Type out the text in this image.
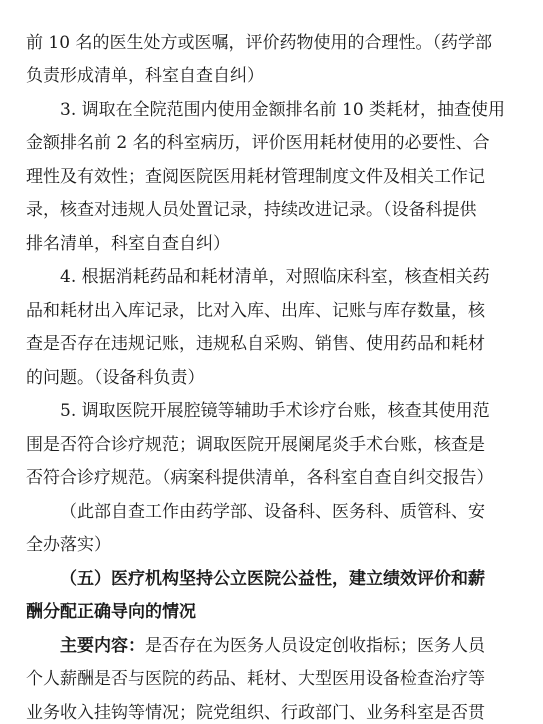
前 10 名的医生处方或医嘱，评价药物使用的合理性。（药学部
负责形成清单，科室自查自纠）
3. 调取在全院范围内使用金额排名前 10 类耗材，抽查使用
金额排名前 2 名的科室病历，评价医用耗材使用的必要性、合
理性及有效性；查阅医院医用耗材管理制度文件及相关工作记
录，核查对违规人员处置记录，持续改进记录。（设备科提供
排名清单，科室自查自纠）
4. 根据消耗药品和耗材清单，对照临床科室，核查相关药
品和耗材出入库记录，比对入库、出库、记账与库存数量，核
查是否存在违规记账，违规私自采购、销售、使用药品和耗材
的问题。（设备科负责）
5. 调取医院开展腔镜等辅助手术诊疗台账，核查其使用范
围是否符合诊疗规范；调取医院开展阑尾炎手术台账，核查是
否符合诊疗规范。（病案科提供清单，各科室自查自纠交报告）
（此部自查工作由药学部、设备科、医务科、质管科、安
全办落实）
（五）医疗机构坚持公立医院公益性，建立绩效评价和薪
酬分配正确导向的情况
主要内容：是否存在为医务人员设定创收指标；医务人员
个人薪酬是否与医院的药品、耗材、大型医用设备检查治疗等
业务收入挂钩等情况；院党组织、行政部门、业务科室是否贯
